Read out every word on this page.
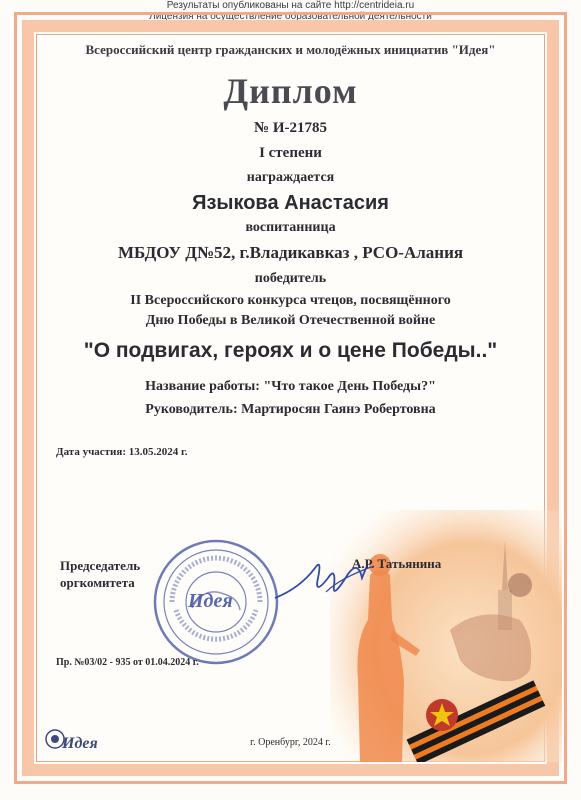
Всероссийский центр гражданских и молодёжных инициатив "Идея"
Диплом
№ И-21785
I степени
награждается
Языкова Анастасия
воспитанница
МБДОУ Д№52, г.Владикавказ , РСО-Алания
победитель
II Всероссийского конкурса чтецов, посвящённого
Дню Победы в Великой Отечественной войне
"О подвигах, героях и о цене Победы.."
Название работы: "Что такое День Победы?"
Руководитель: Мартиросян Гаянэ Робертовна
Дата участия: 13.05.2024 г.
Председатель
оргкомитета
А.Р. Татьянина
Идея
Пр. №03/02 - 935 от 01.04.2024 г.
Результаты опубликованы на сайте http://centrideia.ru
Лицензия на осуществление образовательной деятельности
№ 56-46 от 09.04.2021 г. СМИ. Регистрационная запись
Идея	г. Оренбург, 2024 г.
